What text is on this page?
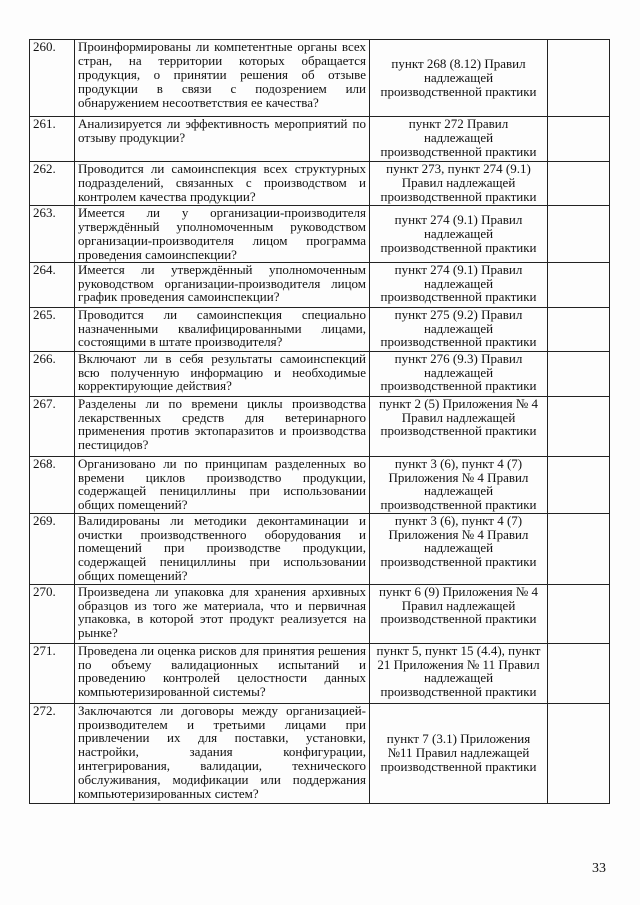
260.	Проинформированы ли компетентные органы всех стран, на территории которых обращается продукция, о принятии решения об отзыве продукции в связи с подозрением или обнаружением несоответствия ее качества?	пункт 268 (8.12) Правил надлежащей производственной практики	
261.	Анализируется ли эффективность мероприятий по отзыву продукции?	пункт 272 Правил надлежащей производственной практики	
262.	Проводится ли самоинспекция всех структурных подразделений, связанных с производством и контролем качества продукции?	пункт 273, пункт 274 (9.1) Правил надлежащей производственной практики	
263.	Имеется ли у организации-производителя утверждённый уполномоченным руководством организации-производителя лицом программа проведения самоинспекции?	пункт 274 (9.1) Правил надлежащей производственной практики	
264.	Имеется ли утверждённый уполномоченным руководством организации-производителя лицом график проведения самоинспекции?	пункт 274 (9.1) Правил надлежащей производственной практики	
265.	Проводится ли самоинспекция специально назначенными квалифицированными лицами, состоящими в штате производителя?	пункт 275 (9.2) Правил надлежащей производственной практики	
266.	Включают ли в себя результаты самоинспекций всю полученную информацию и необходимые корректирующие действия?	пункт 276 (9.3) Правил надлежащей производственной практики	
267.	Разделены ли по времени циклы производства лекарственных средств для ветеринарного применения против эктопаразитов и производства пестицидов?	пункт 2 (5) Приложения № 4 Правил надлежащей производственной практики	
268.	Организовано ли по принципам разделенных во времени циклов производство продукции, содержащей пенициллины при использовании общих помещений?	пункт 3 (6), пункт 4 (7) Приложения № 4 Правил надлежащей производственной практики	
269.	Валидированы ли методики деконтаминации и очистки производственного оборудования и помещений при производстве продукции, содержащей пенициллины при использовании общих помещений?	пункт 3 (6), пункт 4 (7) Приложения № 4 Правил надлежащей производственной практики	
270.	Произведена ли упаковка для хранения архивных образцов из того же материала, что и первичная упаковка, в которой этот продукт реализуется на рынке?	пункт 6 (9) Приложения № 4 Правил надлежащей производственной практики	
271.	Проведена ли оценка рисков для принятия решения по объему валидационных испытаний и проведению контролей целостности данных компьютеризированной системы?	пункт 5, пункт 15 (4.4), пункт 21 Приложения № 11 Правил надлежащей производственной практики	
272.	Заключаются ли договоры между организацией-производителем и третьими лицами при привлечении их для поставки, установки, настройки, задания конфигурации, интегрирования, валидации, технического обслуживания, модификации или поддержания компьютеризированных систем?	пункт 7 (3.1) Приложения №11 Правил надлежащей производственной практики	
33
